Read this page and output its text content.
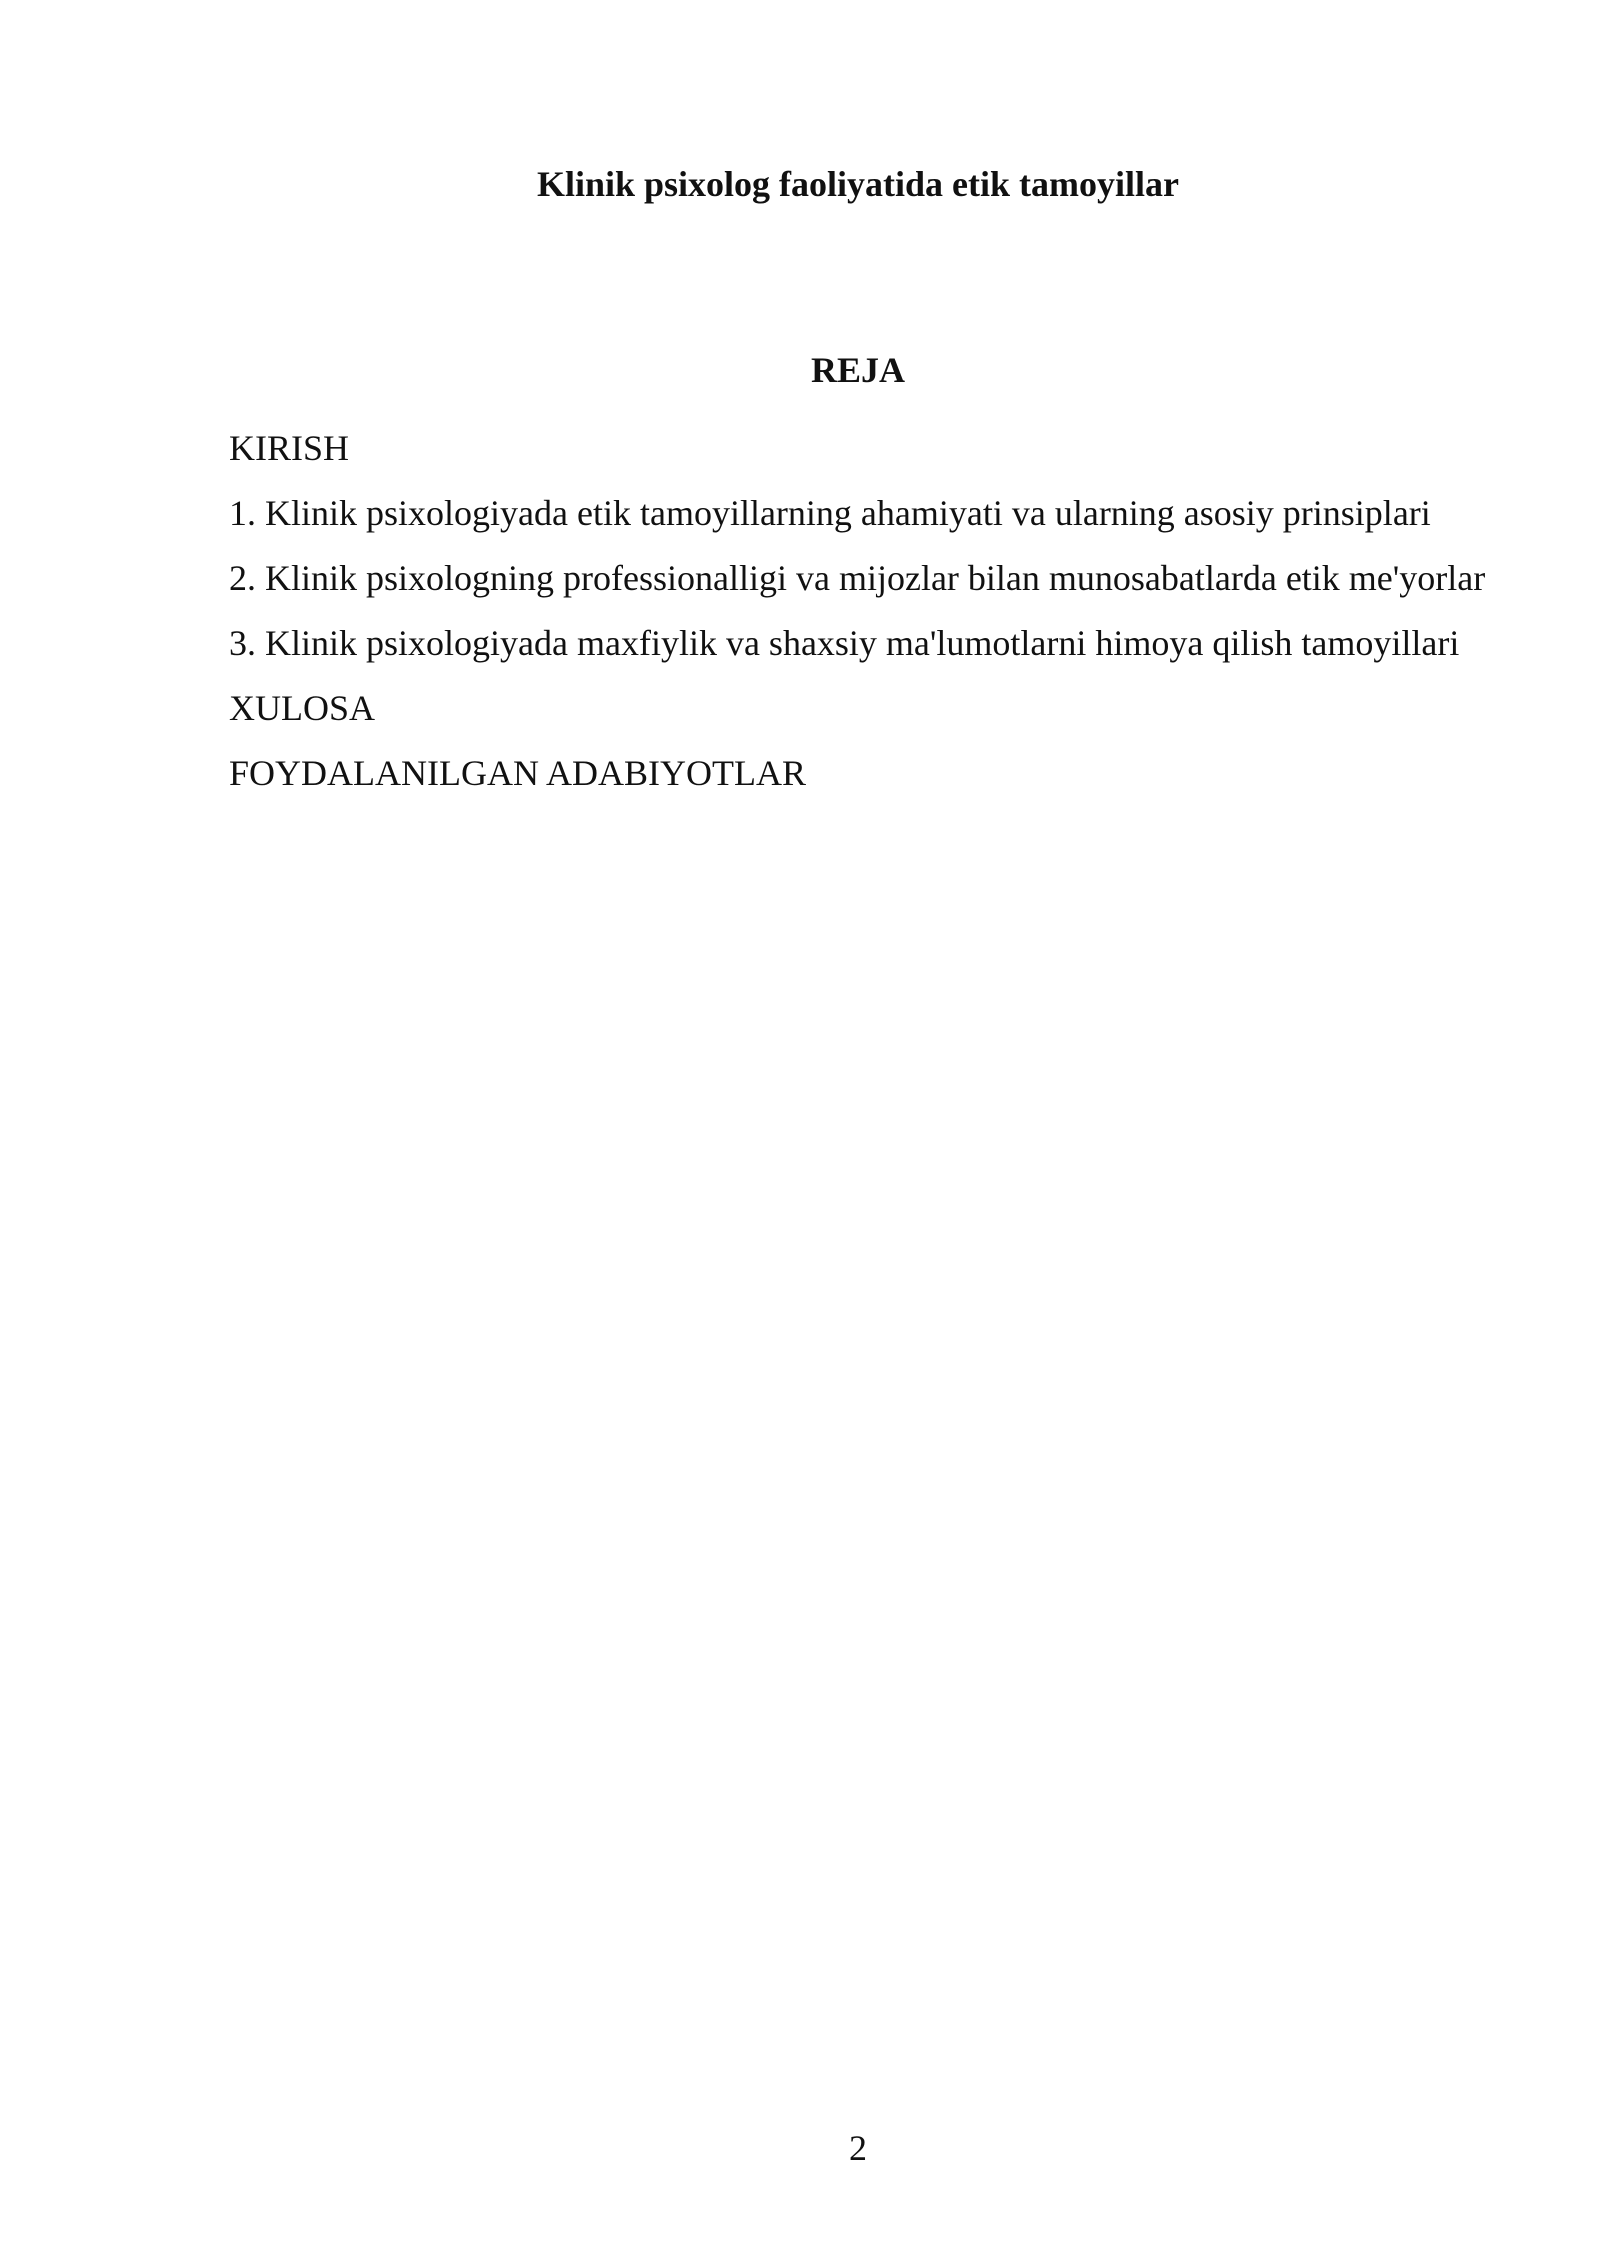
Klinik psixolog faoliyatida etik tamoyillar
REJA
KIRISH
1. Klinik psixologiyada etik tamoyillarning ahamiyati va ularning asosiy prinsiplari
2. Klinik psixologning professionalligi va mijozlar bilan munosabatlarda etik me'yorlar
3. Klinik psixologiyada maxfiylik va shaxsiy ma'lumotlarni himoya qilish tamoyillari
XULOSA
FOYDALANILGAN ADABIYOTLAR
2
